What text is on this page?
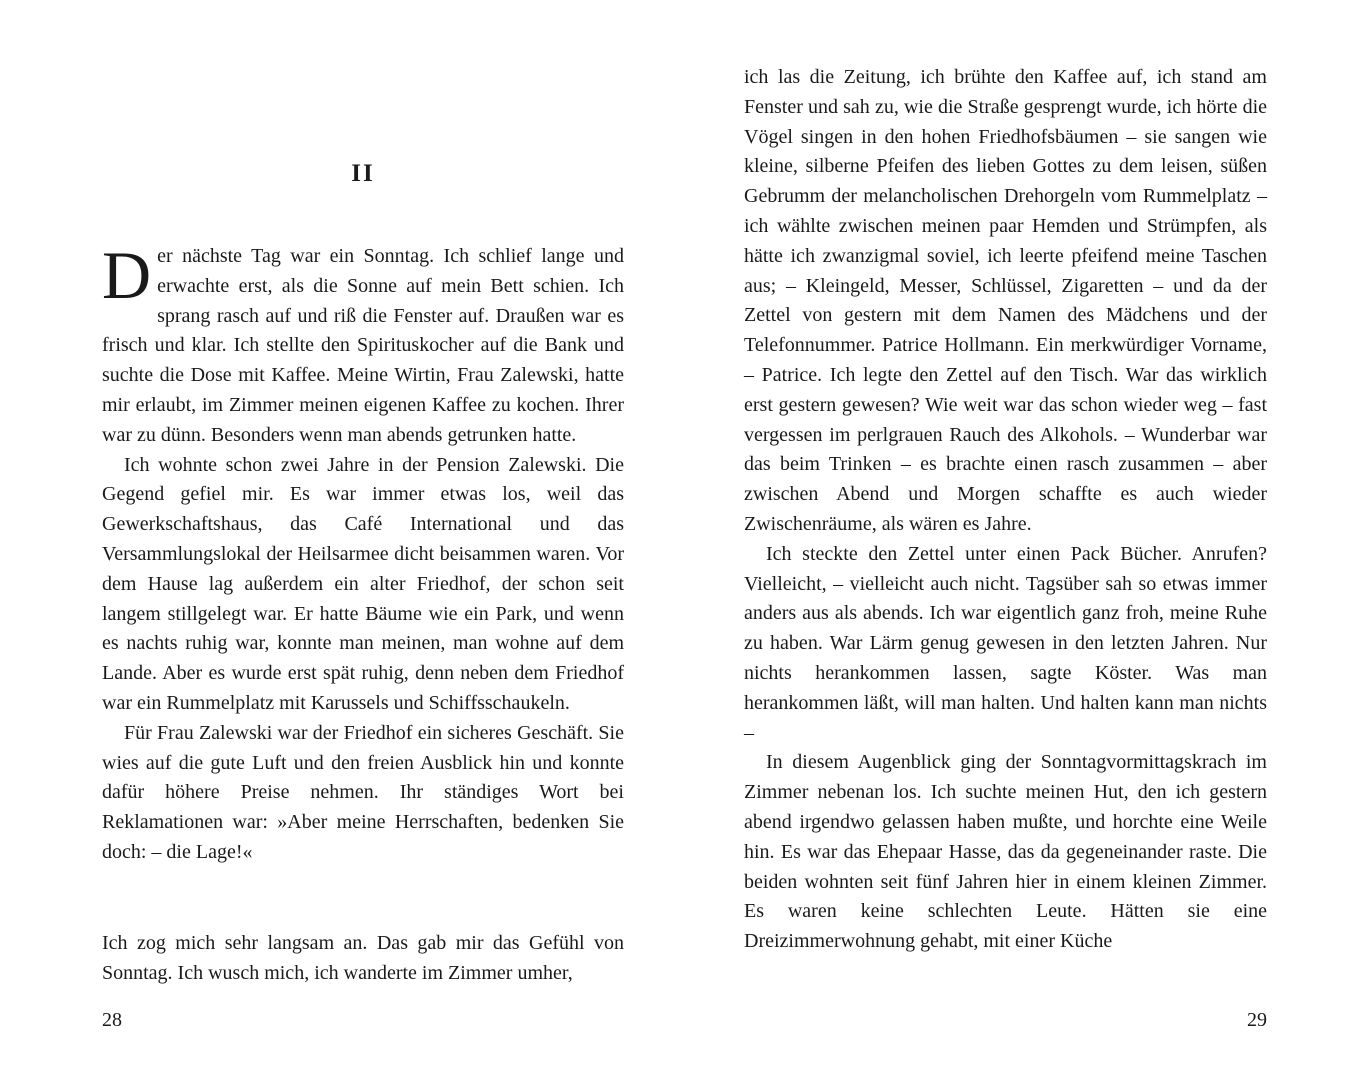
II

Der nächste Tag war ein Sonntag. Ich schlief lange und erwachte erst, als die Sonne auf mein Bett schien. Ich sprang rasch auf und riß die Fenster auf. Draußen war es frisch und klar. Ich stellte den Spirituskocher auf die Bank und suchte die Dose mit Kaffee. Meine Wirtin, Frau Zalewski, hatte mir erlaubt, im Zimmer meinen eigenen Kaffee zu kochen. Ihrer war zu dünn. Besonders wenn man abends getrunken hatte.

Ich wohnte schon zwei Jahre in der Pension Zalewski. Die Gegend gefiel mir. Es war immer etwas los, weil das Gewerkschaftshaus, das Café International und das Versammlungslokal der Heilsarmee dicht beisammen waren. Vor dem Hause lag außerdem ein alter Friedhof, der schon seit langem stillgelegt war. Er hatte Bäume wie ein Park, und wenn es nachts ruhig war, konnte man meinen, man wohne auf dem Lande. Aber es wurde erst spät ruhig, denn neben dem Friedhof war ein Rummelplatz mit Karussels und Schiffsschaukeln.

Für Frau Zalewski war der Friedhof ein sicheres Geschäft. Sie wies auf die gute Luft und den freien Ausblick hin und konnte dafür höhere Preise nehmen. Ihr ständiges Wort bei Reklamationen war: »Aber meine Herrschaften, bedenken Sie doch: – die Lage!«

Ich zog mich sehr langsam an. Das gab mir das Gefühl von Sonntag. Ich wusch mich, ich wanderte im Zimmer umher,

28

ich las die Zeitung, ich brühte den Kaffee auf, ich stand am Fenster und sah zu, wie die Straße gesprengt wurde, ich hörte die Vögel singen in den hohen Friedhofsbäumen – sie sangen wie kleine, silberne Pfeifen des lieben Gottes zu dem leisen, süßen Gebrumm der melancholischen Drehorgeln vom Rummelplatz – ich wählte zwischen meinen paar Hemden und Strümpfen, als hätte ich zwanzigmal soviel, ich leerte pfeifend meine Taschen aus; – Kleingeld, Messer, Schlüssel, Zigaretten – und da der Zettel von gestern mit dem Namen des Mädchens und der Telefonnummer. Patrice Hollmann. Ein merkwürdiger Vorname, – Patrice. Ich legte den Zettel auf den Tisch. War das wirklich erst gestern gewesen? Wie weit war das schon wieder weg – fast vergessen im perlgrauen Rauch des Alkohols. – Wunderbar war das beim Trinken – es brachte einen rasch zusammen – aber zwischen Abend und Morgen schaffte es auch wieder Zwischenräume, als wären es Jahre.

Ich steckte den Zettel unter einen Pack Bücher. Anrufen? Vielleicht, – vielleicht auch nicht. Tagsüber sah so etwas immer anders aus als abends. Ich war eigentlich ganz froh, meine Ruhe zu haben. War Lärm genug gewesen in den letzten Jahren. Nur nichts herankommen lassen, sagte Köster. Was man herankommen läßt, will man halten. Und halten kann man nichts –

In diesem Augenblick ging der Sonntagvormittagskrach im Zimmer nebenan los. Ich suchte meinen Hut, den ich gestern abend irgendwo gelassen haben mußte, und horchte eine Weile hin. Es war das Ehepaar Hasse, das da gegeneinander raste. Die beiden wohnten seit fünf Jahren hier in einem kleinen Zimmer. Es waren keine schlechten Leute. Hätten sie eine Dreizimmerwohnung gehabt, mit einer Küche

29
